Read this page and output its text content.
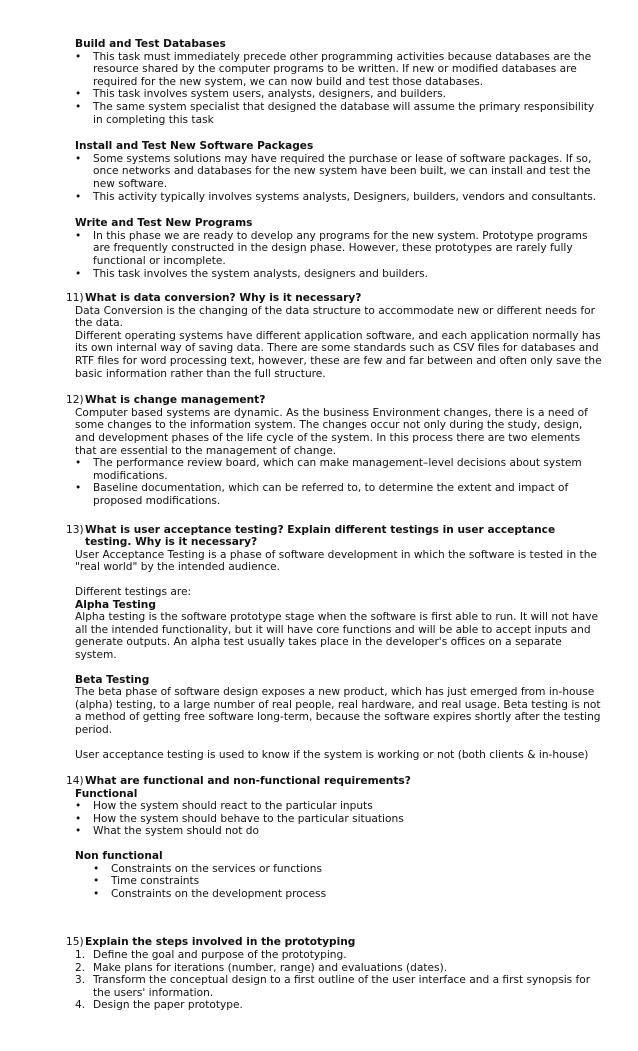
Build and Test Databases
• This task must immediately precede other programming activities because databases are the resource shared by the computer programs to be written. If new or modified databases are required for the new system, we can now build and test those databases.
• This task involves system users, analysts, designers, and builders.
• The same system specialist that designed the database will assume the primary responsibility in completing this task
Install and Test New Software Packages
• Some systems solutions may have required the purchase or lease of software packages. If so, once networks and databases for the new system have been built, we can install and test the new software.
• This activity typically involves systems analysts, Designers, builders, vendors and consultants.
Write and Test New Programs
• In this phase we are ready to develop any programs for the new system. Prototype programs are frequently constructed in the design phase. However, these prototypes are rarely fully functional or incomplete.
• This task involves the system analysts, designers and builders.
11) What is data conversion? Why is it necessary?
Data Conversion is the changing of the data structure to accommodate new or different needs for the data.
Different operating systems have different application software, and each application normally has its own internal way of saving data. There are some standards such as CSV files for databases and RTF files for word processing text, however, these are few and far between and often only save the basic information rather than the full structure.
12) What is change management?
Computer based systems are dynamic. As the business Environment changes, there is a need of some changes to the information system. The changes occur not only during the study, design, and development phases of the life cycle of the system. In this process there are two elements that are essential to the management of change.
• The performance review board, which can make management–level decisions about system modifications.
• Baseline documentation, which can be referred to, to determine the extent and impact of proposed modifications.
13) What is user acceptance testing? Explain different testings in user acceptance testing. Why is it necessary?
User Acceptance Testing is a phase of software development in which the software is tested in the "real world" by the intended audience.
Different testings are:
Alpha Testing
Alpha testing is the software prototype stage when the software is first able to run. It will not have all the intended functionality, but it will have core functions and will be able to accept inputs and generate outputs. An alpha test usually takes place in the developer's offices on a separate system.
Beta Testing
The beta phase of software design exposes a new product, which has just emerged from in-house (alpha) testing, to a large number of real people, real hardware, and real usage. Beta testing is not a method of getting free software long-term, because the software expires shortly after the testing period.
User acceptance testing is used to know if the system is working or not (both clients & in-house)
14) What are functional and non-functional requirements?
Functional
• How the system should react to the particular inputs
• How the system should behave to the particular situations
• What the system should not do
Non functional
• Constraints on the services or functions
• Time constraints
• Constraints on the development process
15) Explain the steps involved in the prototyping
1. Define the goal and purpose of the prototyping.
2. Make plans for iterations (number, range) and evaluations (dates).
3. Transform the conceptual design to a first outline of the user interface and a first synopsis for the users' information.
4. Design the paper prototype.
